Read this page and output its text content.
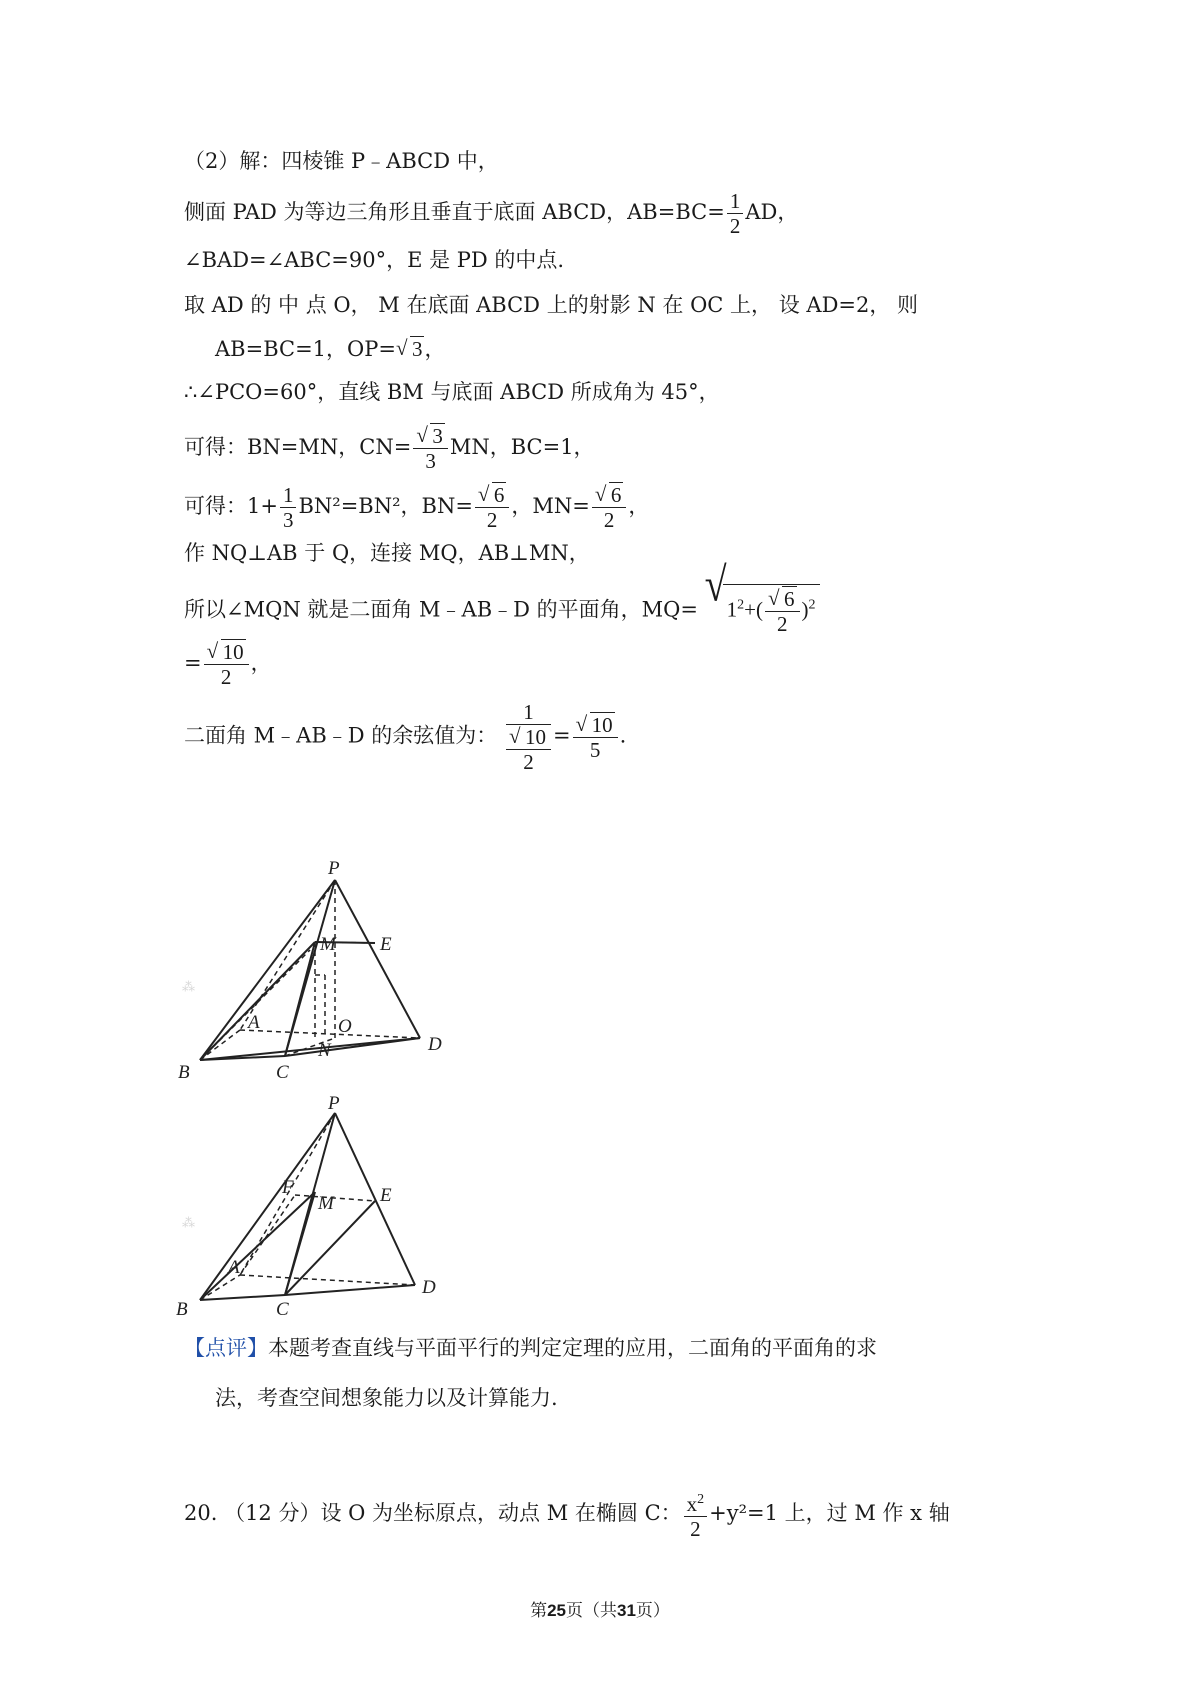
（2）解：四棱锥 P﹣ABCD 中，
侧面 PAD 为等边三角形且垂直于底面 ABCD，$AB=BC= \frac{1}{2}$ AD，
∠BAD=∠ABC=90°，E 是 PD 的中点.
取 AD 的 中 点 O， M 在底面 ABCD 上的射影 N 在 OC 上， 设 AD=2， 则
AB=BC=1，OP= √ 3，
∴∠PCO=60°，直线 BM 与底面 ABCD 所成角为 45°，
可得：BN=MN，CN= √ $\frac{3}{3}$ MN，BC=1，
可得：$1+ \frac{1}{3} BN^2=BN^2$，BN= √ $\frac{6}{2}$ ，MN= √ $\frac{6}{2}$ ，
作 NQ⊥AB 于 Q，连接 MQ，AB⊥MN，
所以∠MQN 就是二面角 M﹣AB﹣D 的平面角，MQ= √ $1^2+$( √ $\frac{6}{2} )^2$
= √ $\frac{10}{2}$ ，
二面角 M﹣AB﹣D 的余弦值为： 1
√ $\frac{10}{2}$ = √ $\frac{10}{5}$ .
⁂
P
M E
A	O
B	C
N	D
⁂
P
F
M E
A
B	C
D
【点评】本题考查直线与平面平行的判定定理的应用，二面角的平面角的求
法，考查空间想象能力以及计算能力.
20. （12 分）设 O 为坐标原点，动点 M 在椭圆 C： $\frac{x^2}{2} +y^2=1$ 上，过 M 作 x 轴
第25页（共31页）
